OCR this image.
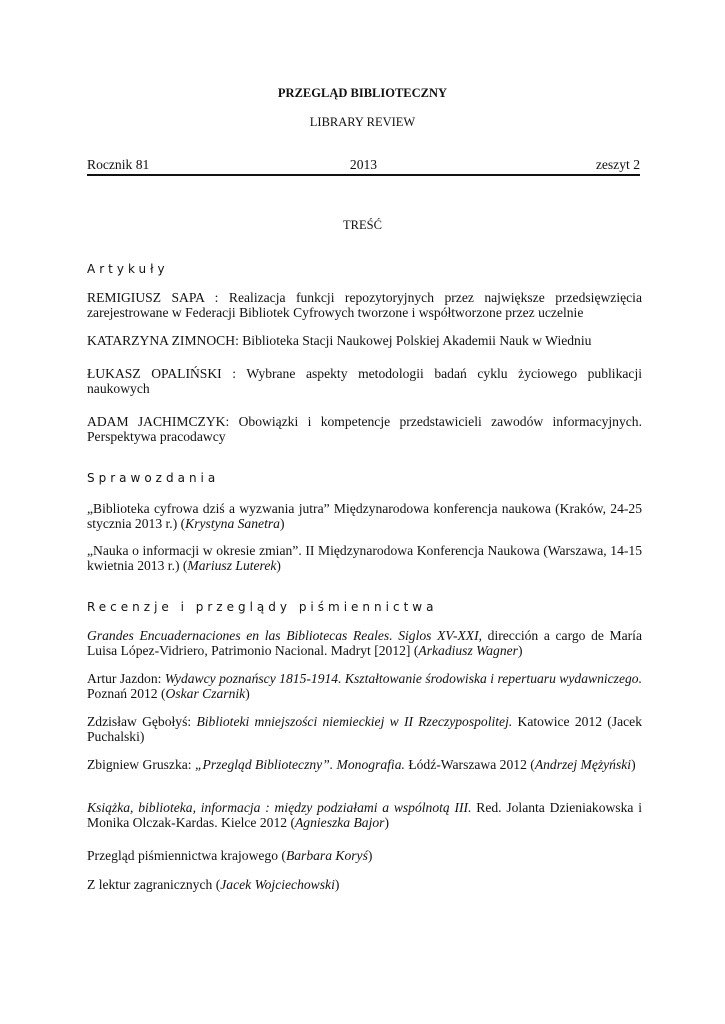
PRZEGLĄD BIBLIOTECZNY
LIBRARY REVIEW
2013
Rocznik 81	zeszyt 2
TREŚĆ
Artykuły
REMIGIUSZ SAPA : Realizacja funkcji repozytoryjnych przez największe przedsięwzięcia zarejestrowane w Federacji Bibliotek Cyfrowych tworzone i współtworzone przez uczelnie
KATARZYNA ZIMNOCH: Biblioteka Stacji Naukowej Polskiej Akademii Nauk w Wiedniu
ŁUKASZ OPALIŃSKI : Wybrane aspekty metodologii badań cyklu życiowego publikacji naukowych
ADAM JACHIMCZYK: Obowiązki i kompetencje przedstawicieli zawodów informacyjnych. Perspektywa pracodawcy
Sprawozdania
„Biblioteka cyfrowa dziś a wyzwania jutra” Międzynarodowa konferencja naukowa (Kraków, 24-25 stycznia 2013 r.) (Krystyna Sanetra)
„Nauka o informacji w okresie zmian”. II Międzynarodowa Konferencja Naukowa (Warszawa, 14-15 kwietnia 2013 r.) (Mariusz Luterek)
Recenzje i przeglądy piśmiennictwa
Grandes Encuadernaciones en las Bibliotecas Reales. Siglos XV-XXI, dirección a cargo de María Luisa López-Vidriero, Patrimonio Nacional. Madryt [2012] (Arkadiusz Wagner)
Artur Jazdon: Wydawcy poznańscy 1815-1914. Kształtowanie środowiska i repertuaru wydawniczego. Poznań 2012 (Oskar Czarnik)
Zdzisław Gębołyś: Biblioteki mniejszości niemieckiej w II Rzeczypospolitej. Katowice 2012 (Jacek Puchalski)
Zbigniew Gruszka: „Przegląd Biblioteczny”. Monografia. Łódź-Warszawa 2012 (Andrzej Mężyński)
Książka, biblioteka, informacja : między podziałami a wspólnotą III. Red. Jolanta Dzieniakowska i Monika Olczak-Kardas. Kielce 2012 (Agnieszka Bajor)
Przegląd piśmiennictwa krajowego (Barbara Koryś)
Z lektur zagranicznych (Jacek Wojciechowski)
